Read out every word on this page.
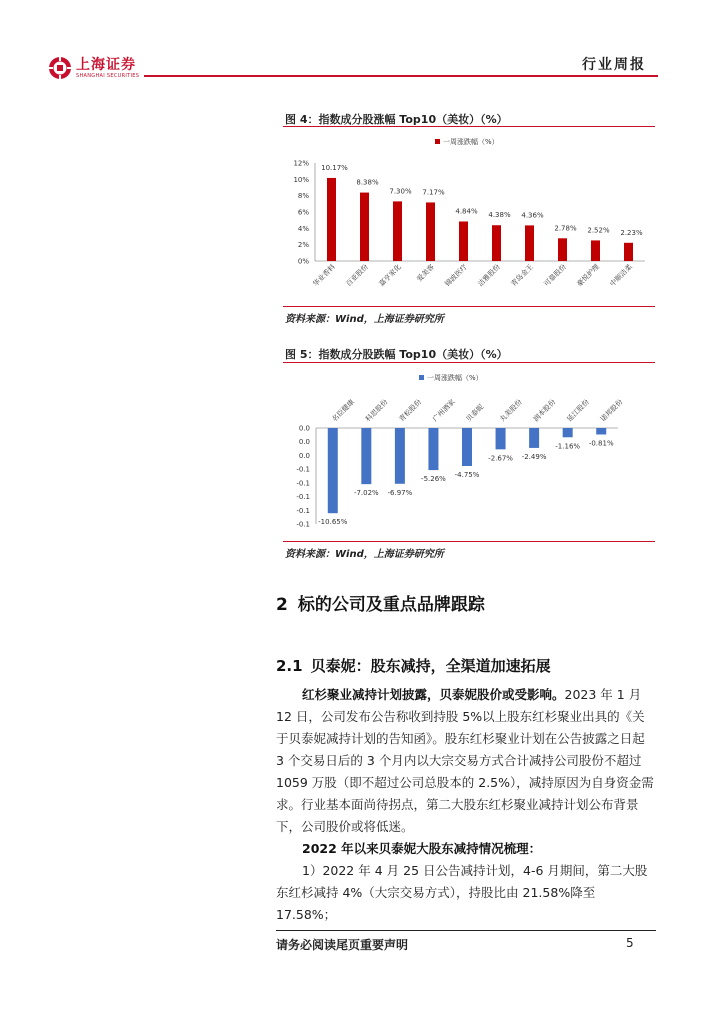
上海证券
SHANGHAI SECURITIES
行业周报
图 4：指数成分股涨幅 Top10（美妆）（%）
12%
10%
8%
6%
4%
2%
0%
一周涨跌幅（%）
10.17%
华业香料
8.38%
百亚股份
7.30%
嘉亨家化
7.17%
爱美客
4.84%
锦波医疗
4.38%
洁雅股份
4.36%
青岛金王
2.78%
可靠股份
2.52%
豪悦护理
2.23%
中顺洁柔
资料来源：Wind，上海证券研究所
图 5：指数成分股跌幅 Top10（美妆）（%）
0.0
0.0
0.0
-0.1
-0.1
-0.1
-0.1
-0.1
一周涨跌幅（%）
-10.65%
名臣健康
-7.02%
科思股份
-6.97%
青松股份
-5.26%
广州酒家
-4.75%
贝泰妮
-2.67%
丸美股份
-2.49%
润本股份
-1.16%
延江股份
-0.81%
诺邦股份
资料来源：Wind，上海证券研究所
2 标的公司及重点品牌跟踪
2.1 贝泰妮：股东减持，全渠道加速拓展
红杉聚业减持计划披露，贝泰妮股价或受影响。2023 年 1 月 12 日，公司发布公告称收到持股 5%以上股东红杉聚业出具的《关于贝泰妮减持计划的告知函》。股东红杉聚业计划在公告披露之日起 3 个交易日后的 3 个月内以大宗交易方式合计减持公司股份不超过 1059 万股（即不超过公司总股本的 2.5%），减持原因为自身资金需求。行业基本面尚待拐点，第二大股东红杉聚业减持计划公布背景下，公司股价或将低迷。
2022 年以来贝泰妮大股东减持情况梳理：
1）2022 年 4 月 25 日公告减持计划，4-6 月期间，第二大股东红杉减持 4%（大宗交易方式），持股比由 21.58%降至 17.58%；
请务必阅读尾页重要声明	5
